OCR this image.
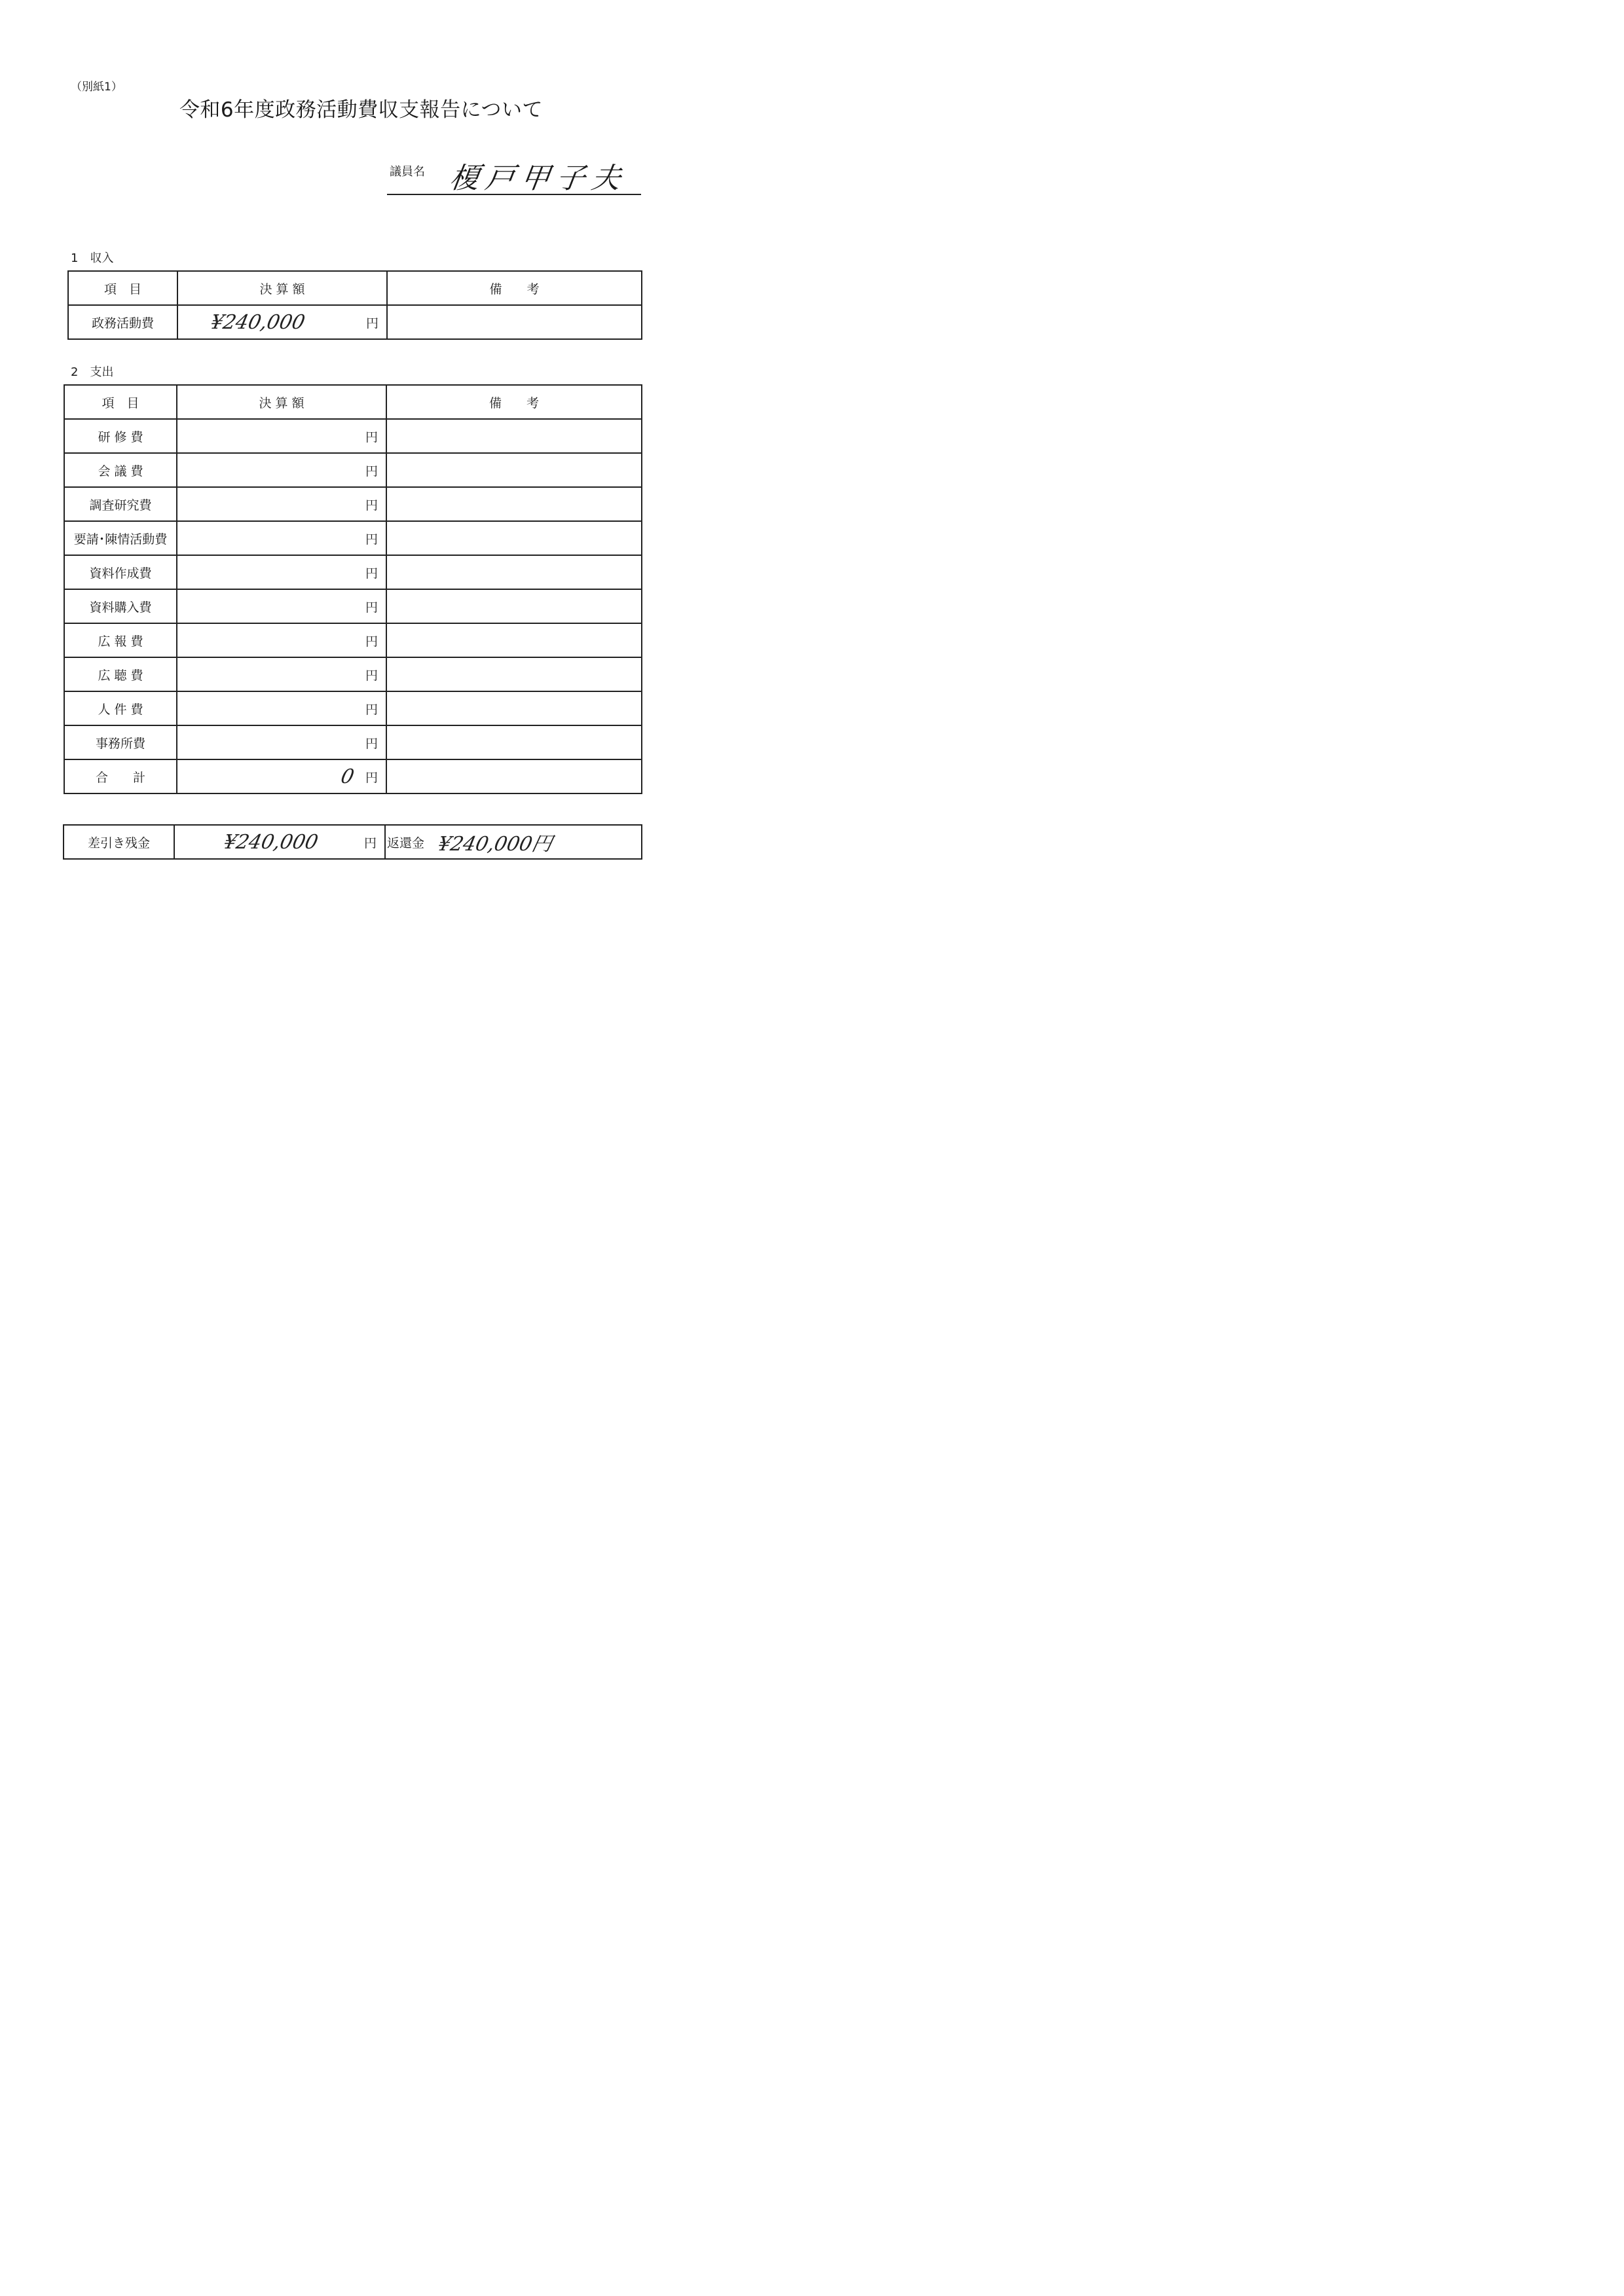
（別紙1）
令和6年度政務活動費収支報告について
議員名 榎戸甲子夫
1　収入
項　目	決 算 額	備　　考
政務活動費	¥240,000 円	

2　支出
項　目	決 算 額	備　　考
研 修 費	円	

会 議 費	円	

調査研究費	円	

要請･陳情活動費	円	

資料作成費	円	

資料購入費	円	

広 報 費	円	

広 聴 費	円	

人 件 費	円	

事務所費	円	

合　　計	0 円	

差引き残金	¥240,000	円	返還金 ¥240,000円
